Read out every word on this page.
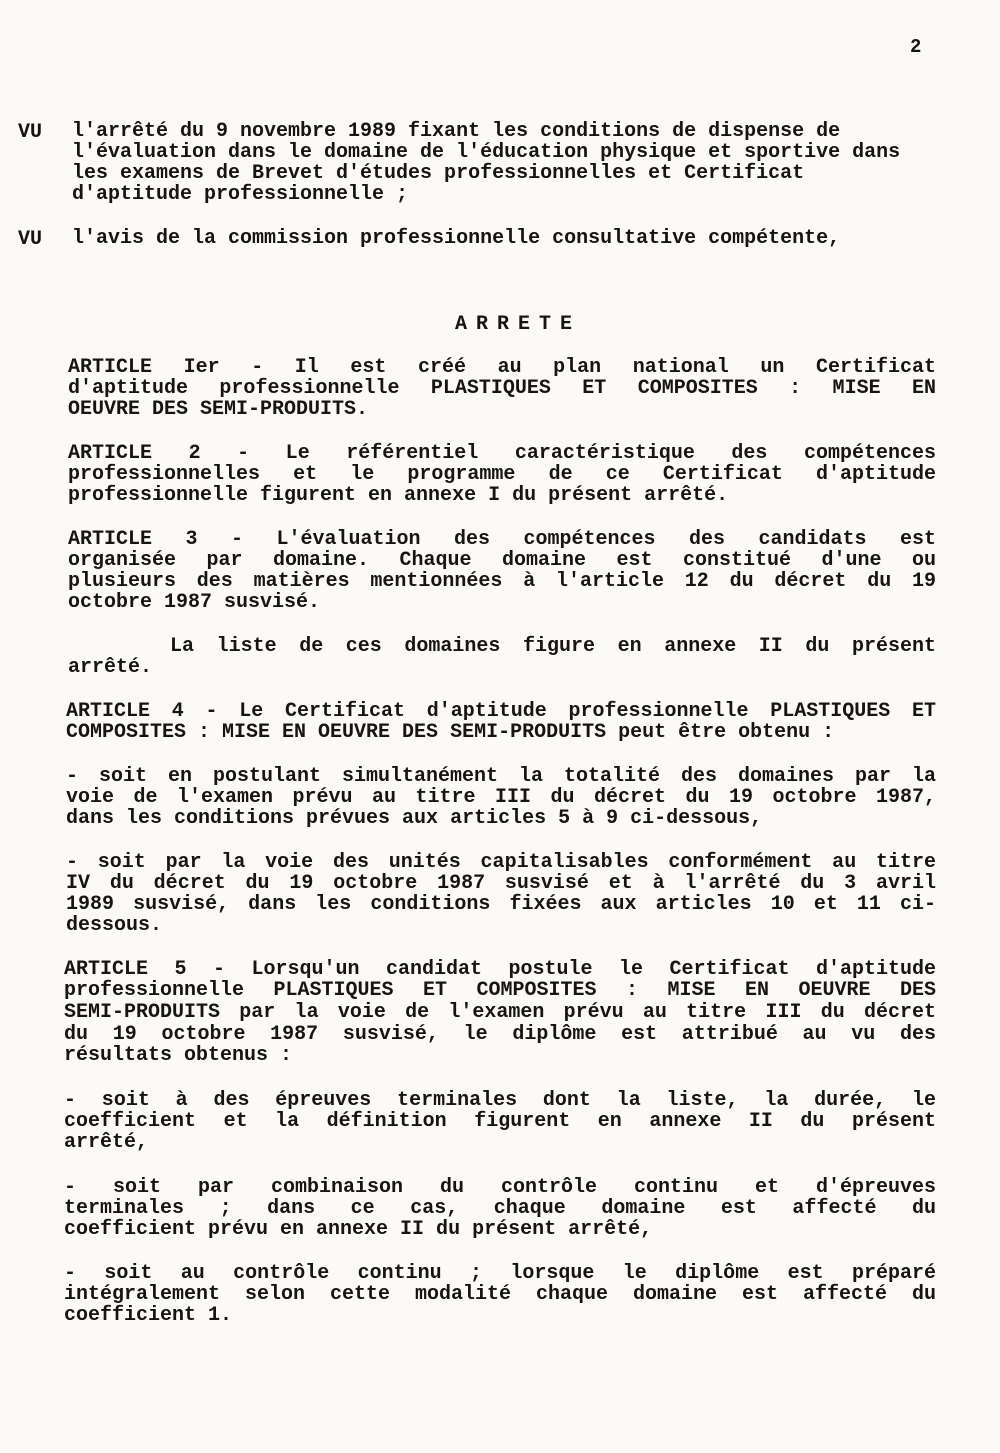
2
VU l'arrêté du 9 novembre 1989 fixant les conditions de dispense de
l'évaluation dans le domaine de l'éducation physique et sportive dans
les examens de Brevet d'études professionnelles et Certificat
d'aptitude professionnelle ;
VU l'avis de la commission professionnelle consultative compétente,
ARRETE
ARTICLE Ier - Il est créé au plan national un Certificat
d'aptitude professionnelle PLASTIQUES ET COMPOSITES : MISE EN
OEUVRE DES SEMI-PRODUITS.
ARTICLE 2 - Le référentiel caractéristique des compétences
professionnelles et le programme de ce Certificat d'aptitude
professionnelle figurent en annexe I du présent arrêté.
ARTICLE 3 - L'évaluation des compétences des candidats est
organisée par domaine. Chaque domaine est constitué d'une ou
plusieurs des matières mentionnées à l'article 12 du décret du 19
octobre 1987 susvisé.
La liste de ces domaines figure en annexe II du présent
arrêté.
ARTICLE 4 - Le Certificat d'aptitude professionnelle PLASTIQUES ET
COMPOSITES : MISE EN OEUVRE DES SEMI-PRODUITS peut être obtenu :
- soit en postulant simultanément la totalité des domaines par la
voie de l'examen prévu au titre III du décret du 19 octobre 1987,
dans les conditions prévues aux articles 5 à 9 ci-dessous,
- soit par la voie des unités capitalisables conformément au titre
IV du décret du 19 octobre 1987 susvisé et à l'arrêté du 3 avril
1989 susvisé, dans les conditions fixées aux articles 10 et 11 ci-
dessous.
ARTICLE 5 - Lorsqu'un candidat postule le Certificat d'aptitude
professionnelle PLASTIQUES ET COMPOSITES : MISE EN OEUVRE DES
SEMI-PRODUITS par la voie de l'examen prévu au titre III du décret
du 19 octobre 1987 susvisé, le diplôme est attribué au vu des
résultats obtenus :
- soit à des épreuves terminales dont la liste, la durée, le
coefficient et la définition figurent en annexe II du présent
arrêté,
- soit par combinaison du contrôle continu et d'épreuves
terminales ; dans ce cas, chaque domaine est affecté du
coefficient prévu en annexe II du présent arrêté,
- soit au contrôle continu ; lorsque le diplôme est préparé
intégralement selon cette modalité chaque domaine est affecté du
coefficient 1.
